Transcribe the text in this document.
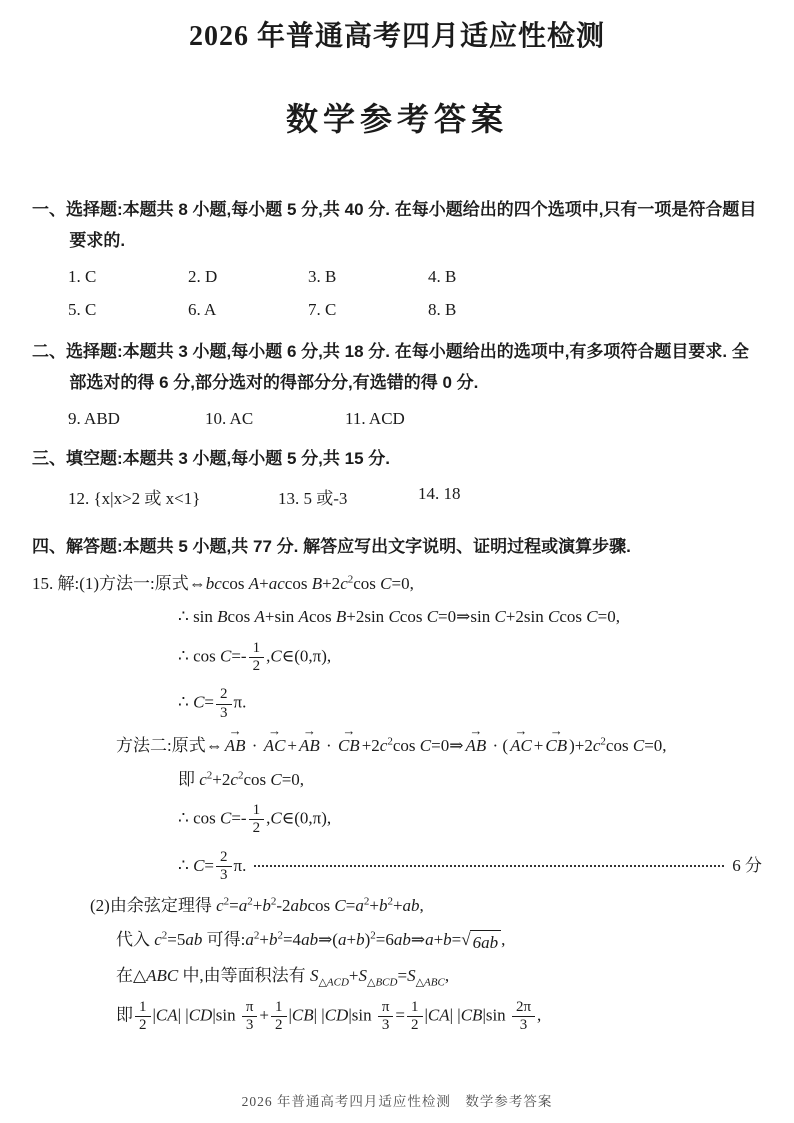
2026 年普通高考四月适应性检测
数学参考答案

一、选择题:本题共 8 小题,每小题 5 分,共 40 分. 在每小题给出的四个选项中,只有一项是符合题目要求的.

1. C	2. D	3. B	4. B
5. C	6. A	7. C	8. B

二、选择题:本题共 3 小题,每小题 6 分,共 18 分. 在每小题给出的选项中,有多项符合题目要求. 全部选对的得 6 分,部分选对的得部分分,有选错的得 0 分.

9. ABD	10. AC	11. ACD

三、填空题:本题共 3 小题,每小题 5 分,共 15 分.

12. {x|x>2 或 x<1}	13. 5 或-3	14. 18

四、解答题:本题共 5 小题,共 77 分. 解答应写出文字说明、证明过程或演算步骤.

15. 解:(1)方法一:原式⇔bccos A+accos $B+2c^2\cos$ C=0,
∴ sin Bcos A+sin Acos B+2sin Ccos C=0⇒sin C+2sin Ccos C=0,
∴ $\cos C=- \frac{1}{2}$ ,C∈(0,π),
∴ $C= \frac{2}{3} \pi$.
方法二:原式⇔ AB → · AC → + AB → · CB → $+2c^2\cos$ C=0⇒ AB → · ( AC → + CB → )$+2c^2\cos$ C=0,
即 $c^2+2c^2\cos$ C=0,
∴ $\cos C=- \frac{1}{2}$ ,C∈(0,π),
∴ $C = \frac{2}{3} \pi$.	6 分
(2)由余弦定理得 $c^2=a^2+b^2-2abcos$ $C=a^2+b^2+ab$,
代入 $c^2=5ab$ 可得$:a^2+b^2=4ab\Rightarrow(a+b)^2=6ab\Rightarrow a+b=$ √ 6ab ,
在△ABC 中,由等面积法有 $S_{\triangle ACD}+S_{\triangle BCD}=S_{\triangle ABC}$,
即 $\frac{1}{2} |CA|$ $|CD|\sin \frac{\pi}{3} + \frac{1}{2} |CB|$ $|CD|\sin \frac{\pi}{3} = \frac{1}{2} |CA|$ $|CB|\sin \frac{2\pi}{3}$ ,
2026 年普通高考四月适应性检测　数学参考答案
